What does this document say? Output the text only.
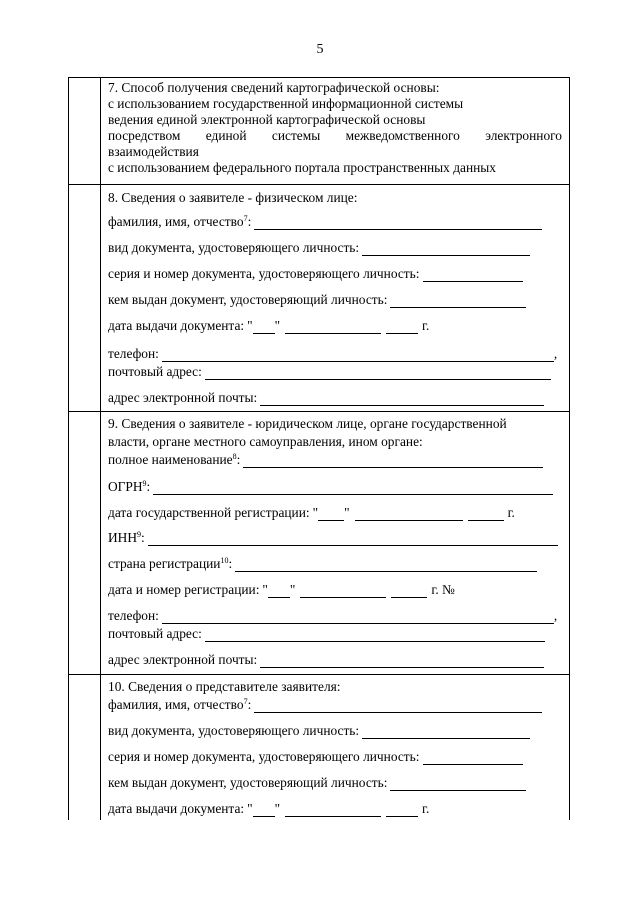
5
7. Способ получения сведений картографической основы:
с использованием государственной информационной системы
ведения единой электронной картографической основы
посредством единой системы межведомственного электронного
взаимодействия
с использованием федерального портала пространственных данных
8. Сведения о заявителе - физическом лице:
фамилия, имя, отчество$^7$:
вид документа, удостоверяющего личность:
серия и номер документа, удостоверяющего личность:
кем выдан документ, удостоверяющий личность:
дата выдачи документа: " "	г.
телефон:	,
почтовый адрес:
адрес электронной почты:
9. Сведения о заявителе - юридическом лице, органе государственной
власти, органе местного самоуправления, ином органе:
полное наименование$^8$:
ОГРН$^9$:
дата государственной регистрации: " "	г.
ИНН$^9$:
страна регистрации$^{10}$:
дата и номер регистрации: " "	г. №
телефон:	,
почтовый адрес:
адрес электронной почты:
10. Сведения о представителе заявителя:
фамилия, имя, отчество$^7$:
вид документа, удостоверяющего личность:
серия и номер документа, удостоверяющего личность:
кем выдан документ, удостоверяющий личность:
дата выдачи документа: " "	г.
